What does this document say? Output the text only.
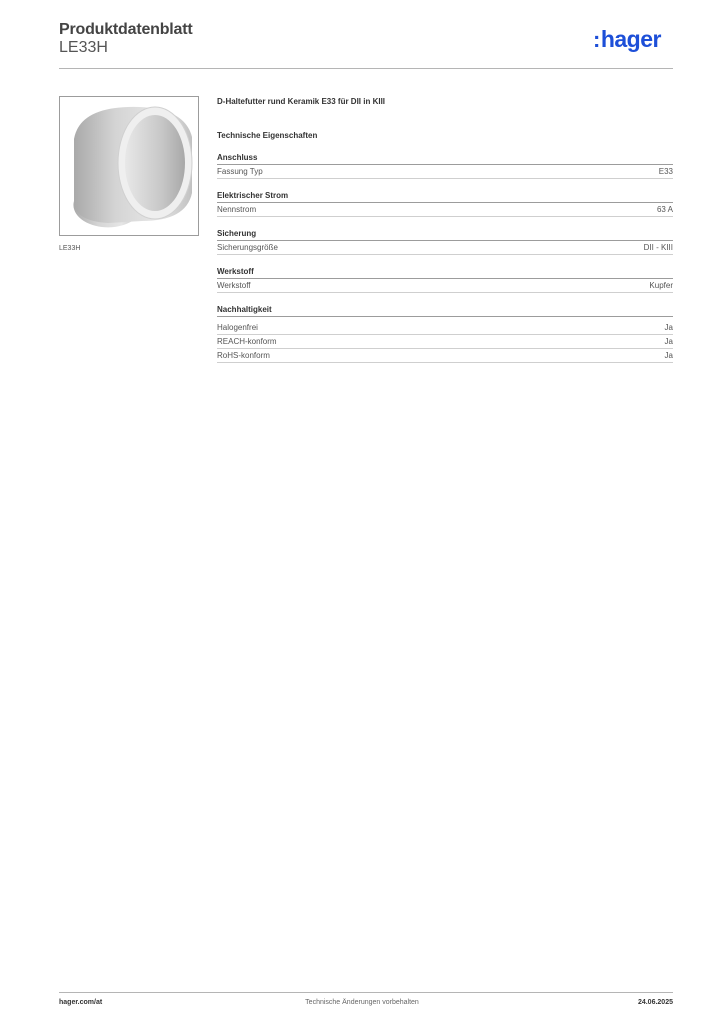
Produktdatenblatt
LE33H	:hager
LE33H
D-Haltefutter rund Keramik E33 für DII in KIII
Technische Eigenschaften
Anschluss
Fassung Typ	E33
Elektrischer Strom
Nennstrom	63 A
Sicherung
Sicherungsgröße	DII - KIII
Werkstoff
Werkstoff	Kupfer
Nachhaltigkeit
Halogenfrei	Ja
REACH-konform	Ja
RoHS-konform	Ja
hager.com/at	Technische Änderungen vorbehalten	24.06.2025
